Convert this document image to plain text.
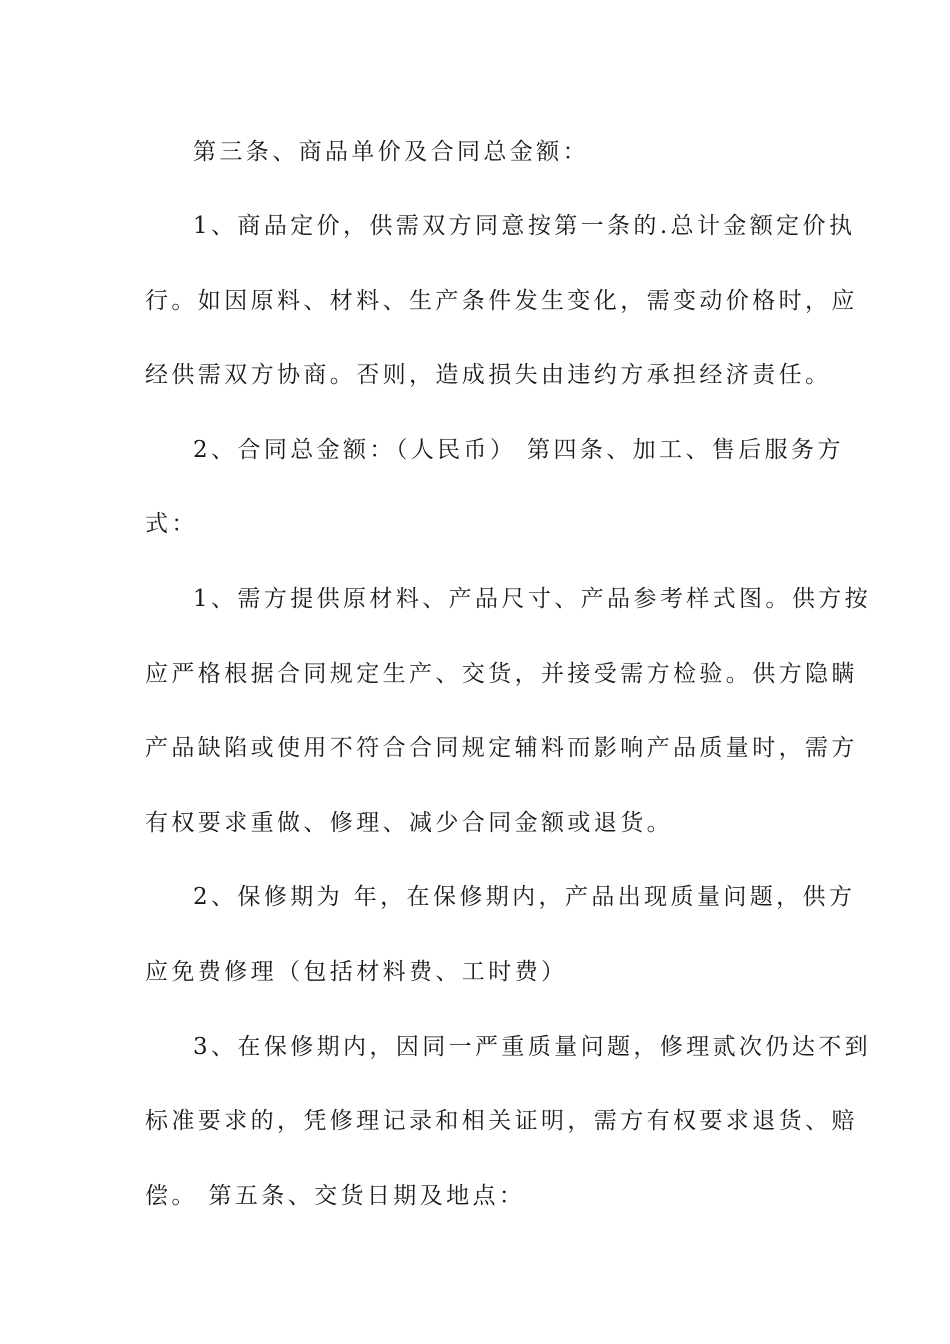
第三条、商品单价及合同总金额：

1、商品定价，供需双方同意按第一条的.总计金额定价执

行。如因原料、材料、生产条件发生变化，需变动价格时，应

经供需双方协商。否则，造成损失由违约方承担经济责任。

2、合同总金额：（人民币） 第四条、加工、售后服务方

式：

1、需方提供原材料、产品尺寸、产品参考样式图。供方按

应严格根据合同规定生产、交货，并接受需方检验。供方隐瞒

产品缺陷或使用不符合合同规定辅料而影响产品质量时，需方

有权要求重做、修理、减少合同金额或退货。

2、保修期为 年，在保修期内，产品出现质量问题，供方

应免费修理（包括材料费、工时费）

3、在保修期内，因同一严重质量问题，修理贰次仍达不到

标准要求的，凭修理记录和相关证明，需方有权要求退货、赔

偿。 第五条、交货日期及地点：
